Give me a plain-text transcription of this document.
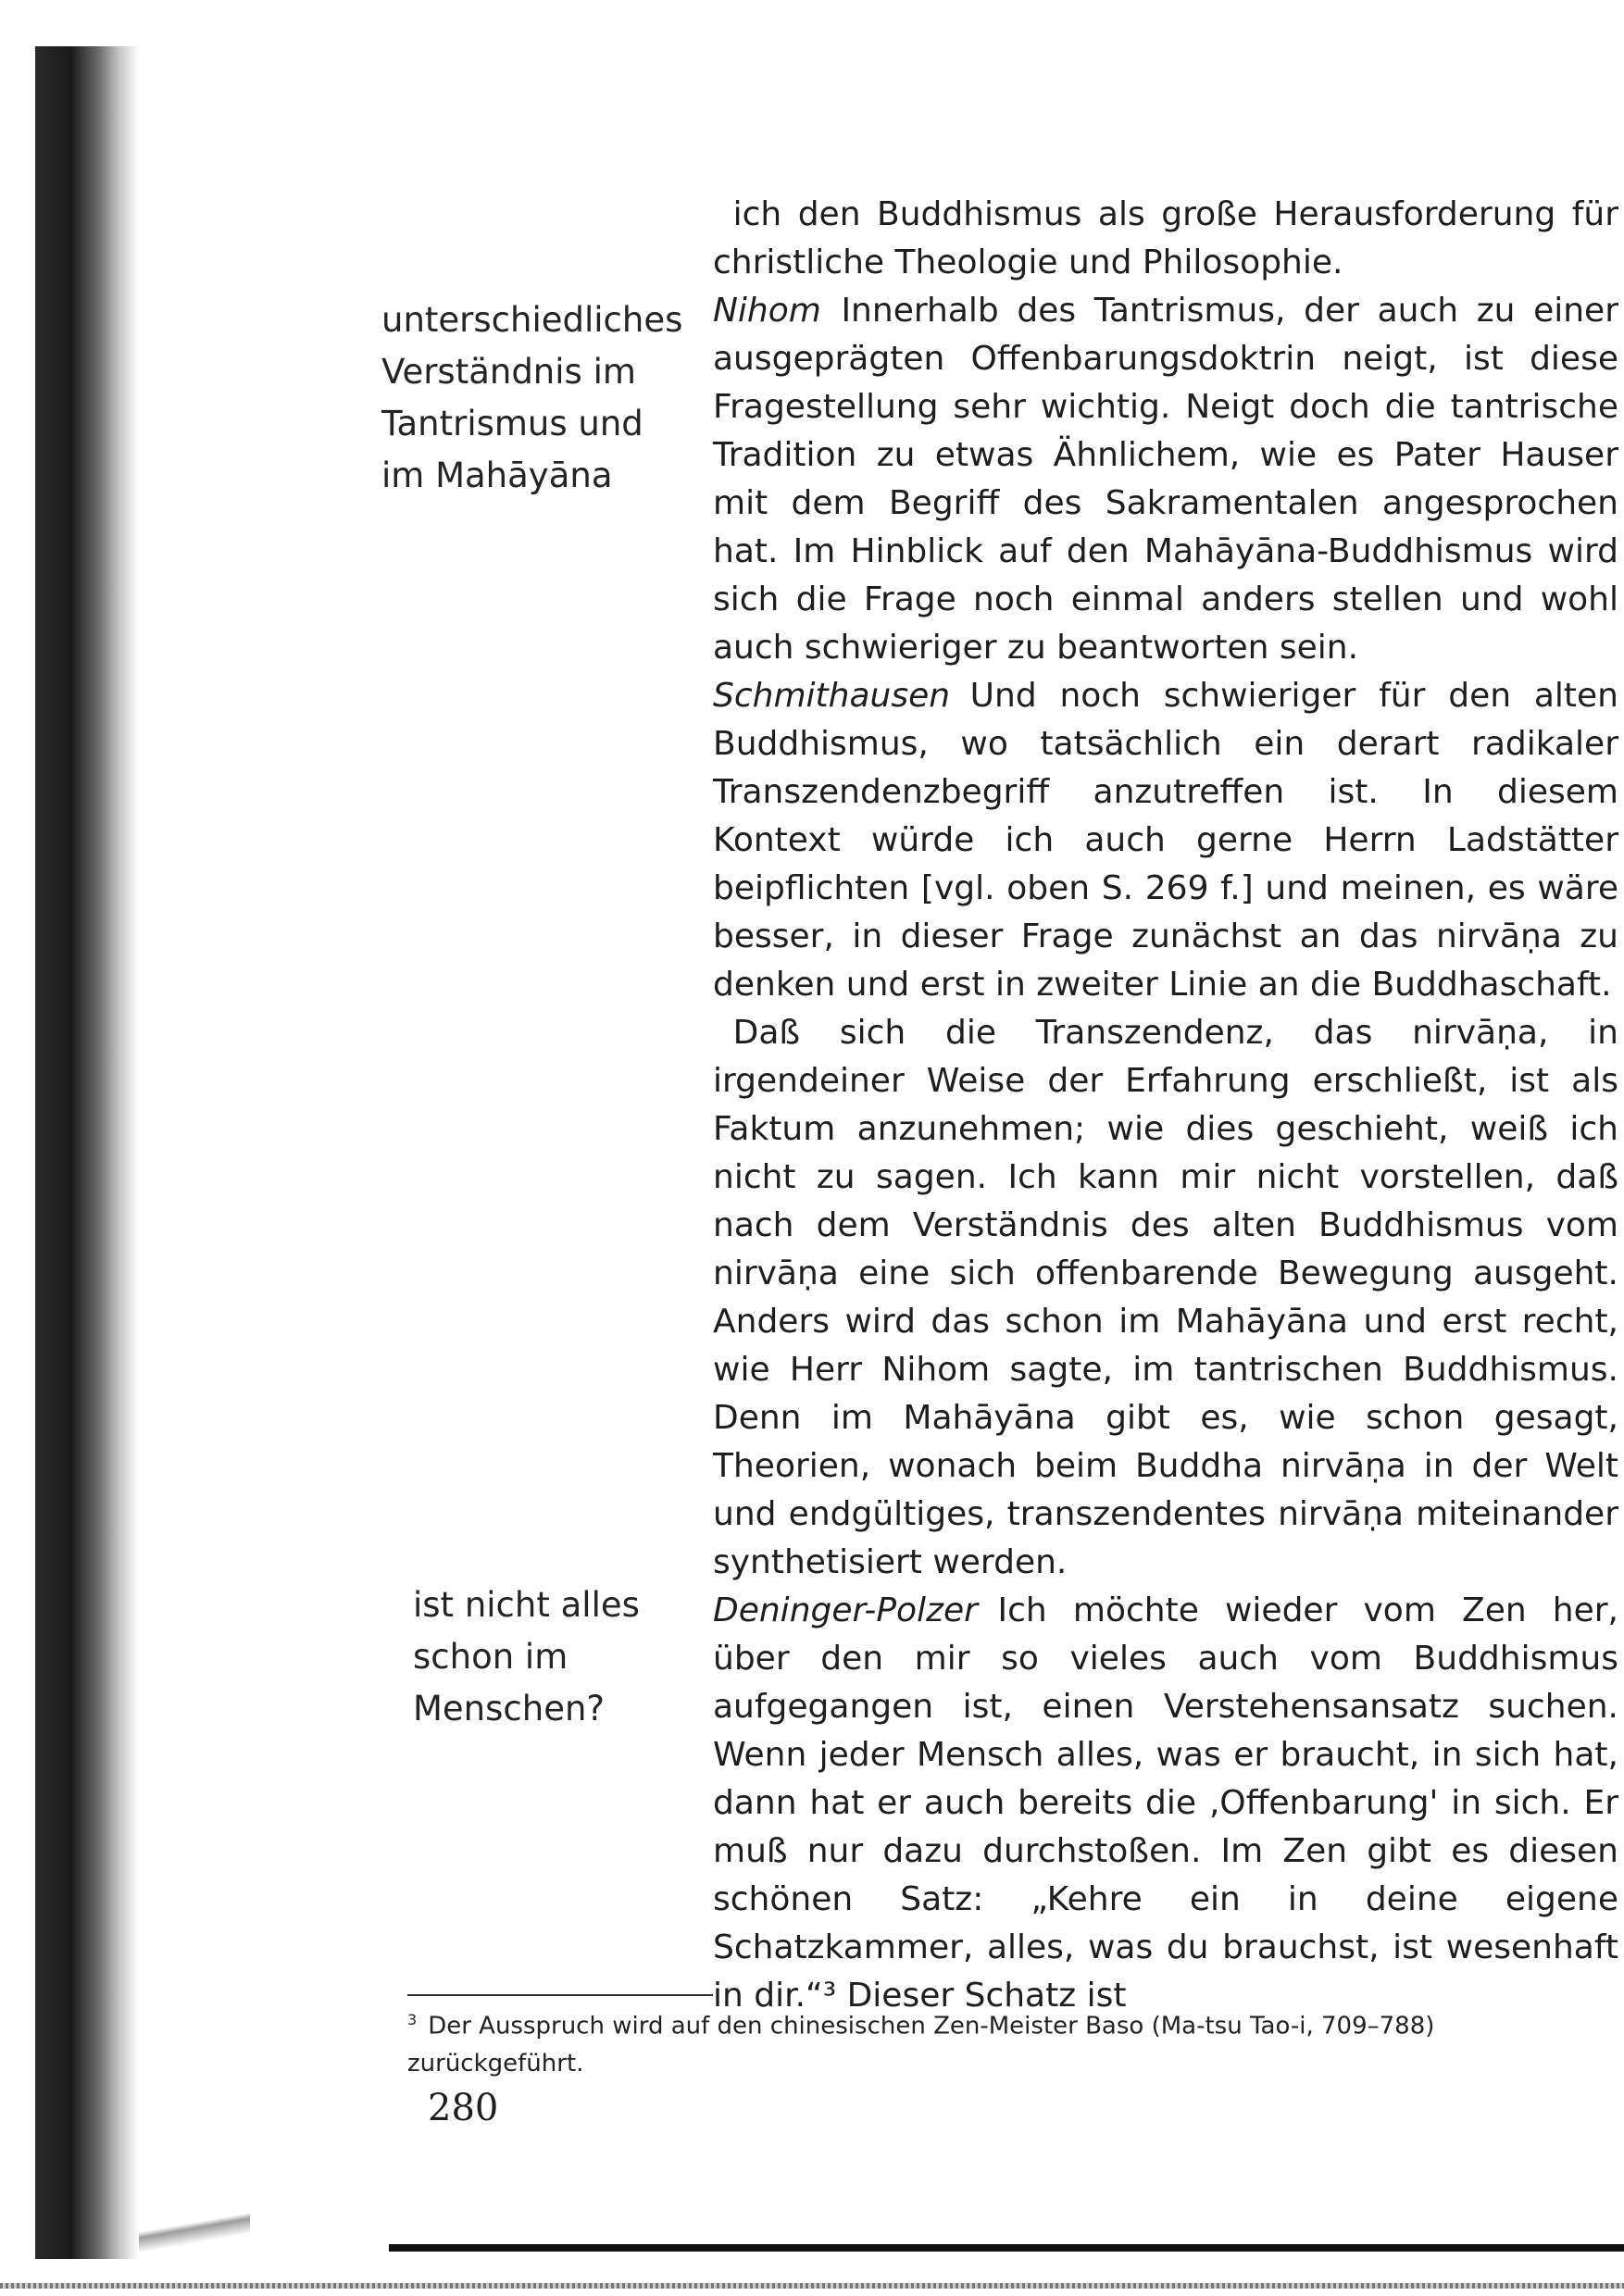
unterschiedliches Verständnis im Tantrismus und im Mahāyāna
ist nicht alles schon im Menschen?

ich den Buddhismus als große Herausforderung für christliche Theologie und Philosophie.

Nihom Innerhalb des Tantrismus, der auch zu einer ausgeprägten Offenbarungsdoktrin neigt, ist diese Fragestellung sehr wichtig. Neigt doch die tantrische Tradition zu etwas Ähnlichem, wie es Pater Hauser mit dem Begriff des Sakramentalen angesprochen hat. Im Hinblick auf den Mahāyāna-Buddhismus wird sich die Frage noch einmal anders stellen und wohl auch schwieriger zu beantworten sein.

Schmithausen Und noch schwieriger für den alten Buddhismus, wo tatsächlich ein derart radikaler Transzendenzbegriff anzutreffen ist. In diesem Kontext würde ich auch gerne Herrn Ladstätter beipflichten [vgl. oben S. 269 f.] und meinen, es wäre besser, in dieser Frage zunächst an das nirvāṇa zu denken und erst in zweiter Linie an die Buddhaschaft.

Daß sich die Transzendenz, das nirvāṇa, in irgendeiner Weise der Erfahrung erschließt, ist als Faktum anzunehmen; wie dies geschieht, weiß ich nicht zu sagen. Ich kann mir nicht vorstellen, daß nach dem Verständnis des alten Buddhismus vom nirvāṇa eine sich offenbarende Bewegung ausgeht. Anders wird das schon im Mahāyāna und erst recht, wie Herr Nihom sagte, im tantrischen Buddhismus. Denn im Mahāyāna gibt es, wie schon gesagt, Theorien, wonach beim Buddha nirvāṇa in der Welt und endgültiges, transzendentes nirvāṇa miteinander synthetisiert werden.

Deninger-Polzer Ich möchte wieder vom Zen her, über den mir so vieles auch vom Buddhismus aufgegangen ist, einen Verstehensansatz suchen. Wenn jeder Mensch alles, was er braucht, in sich hat, dann hat er auch bereits die ‚Offenbarung' in sich. Er muß nur dazu durchstoßen. Im Zen gibt es diesen schönen Satz: „Kehre ein in deine eigene Schatzkammer, alles, was du brauchst, ist wesenhaft in dir.“³ Dieser Schatz ist

$^3$ Der Ausspruch wird auf den chinesischen Zen-Meister Baso (Ma-tsu Tao-i, 709–788) zurückgeführt.
280
